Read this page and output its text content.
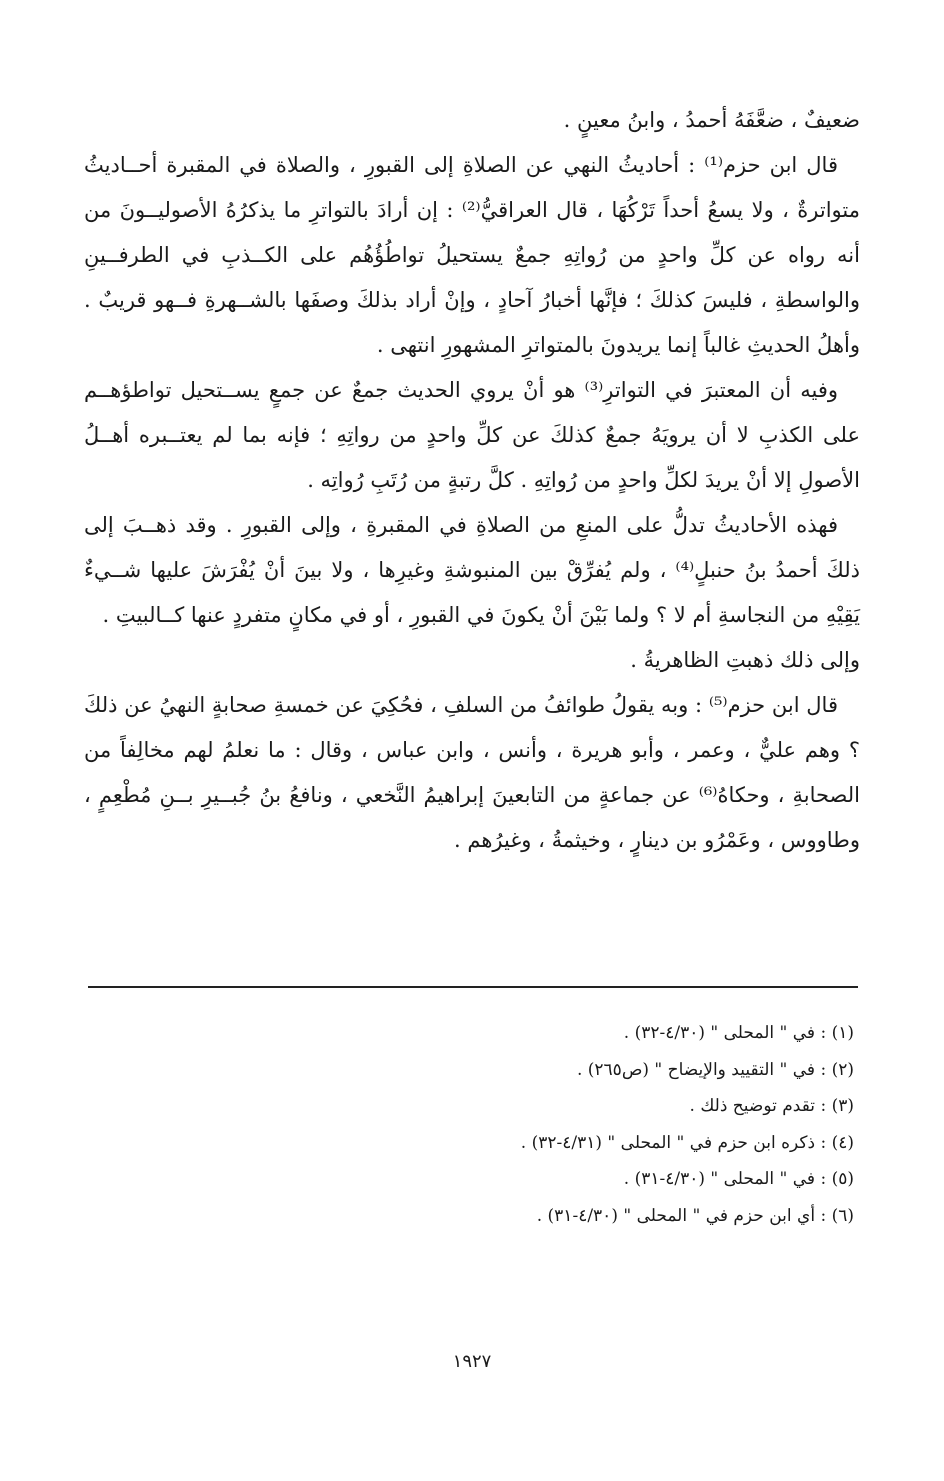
ضعيفٌ ، ضعَّفَهُ أحمدُ ، وابنُ معينٍ .

قال ابن حزم⁽¹⁾ : أحاديثُ النهي عن الصلاةِ إلى القبورِ ، والصلاة في المقبرة أحــاديثُ متواترةٌ ، ولا يسعُ أحداً تَرْكُهَا ، قال العراقيُّ⁽²⁾ : إن أرادَ بالتواترِ ما يذكرُهُ الأصوليــونَ من أنه رواه عن كلِّ واحدٍ من رُواتِهِ جمعٌ يستحيلُ تواطُؤُهُم على الكــذبِ في الطرفــينِ والواسطةِ ، فليسَ كذلكَ ؛ فإنَّها أخبارُ آحادٍ ، وإنْ أراد بذلكَ وصفَها بالشــهرةِ فــهو قريبٌ . وأهلُ الحديثِ غالباً إنما يريدونَ بالمتواترِ المشهورِ انتهى .

وفيه أن المعتبرَ في التواترِ⁽³⁾ هو أنْ يروي الحديث جمعٌ عن جمعٍ يســتحيل تواطؤهــم على الكذبِ لا أن يرويَهُ جمعٌ كذلكَ عن كلِّ واحدٍ من رواتِهِ ؛ فإنه بما لم يعتــبره أهــلُ الأصولِ إلا أنْ يريدَ لكلِّ واحدٍ من رُواتِهِ . كلَّ رتبةٍ من رُتَبِ رُواتِه .

فهذه الأحاديثُ تدلُّ على المنعِ من الصلاةِ في المقبرةِ ، وإلى القبورِ . وقد ذهــبَ إلى ذلكَ أحمدُ بنُ حنبلٍ⁽⁴⁾ ، ولم يُفرِّقْ بين المنبوشةِ وغيرِها ، ولا بينَ أنْ يُفْرَشَ عليها شــيءٌ يَقِيْهِ من النجاسةِ أم لا ؟ ولما بَيْنَ أنْ يكونَ في القبورِ ، أو في مكانٍ متفردٍ عنها كــالبيتِ .

وإلى ذلك ذهبتِ الظاهريةُ .

قال ابن حزم⁽⁵⁾ : وبه يقولُ طوائفُ من السلفِ ، فحُكِيَ عن خمسةِ صحابةٍ النهيُ عن ذلكَ ؟ وهم عليٌّ ، وعمر ، وأبو هريرة ، وأنس ، وابن عباس ، وقال : ما نعلمُ لهم مخالِفاً من الصحابةِ ، وحكاهُ⁽⁶⁾ عن جماعةٍ من التابعينَ إبراهيمُ النَّخعي ، ونافعُ بنُ جُبــيرِ بــنِ مُطْعِمٍ ، وطاووس ، وعَمْرُو بن دينارٍ ، وخيثمةُ ، وغيرُهم .

(١) : في " المحلى " (٤/٣٠-٣٢) .

(٢) : في " التقييد والإيضاح " (ص٢٦٥) .

(٣) : تقدم توضيح ذلك .

(٤) : ذكره ابن حزم في " المحلى " (٤/٣١-٣٢) .

(٥) : في " المحلى " (٤/٣٠-٣١) .

(٦) : أي ابن حزم في " المحلى " (٤/٣٠-٣١) .

١٩٢٧
